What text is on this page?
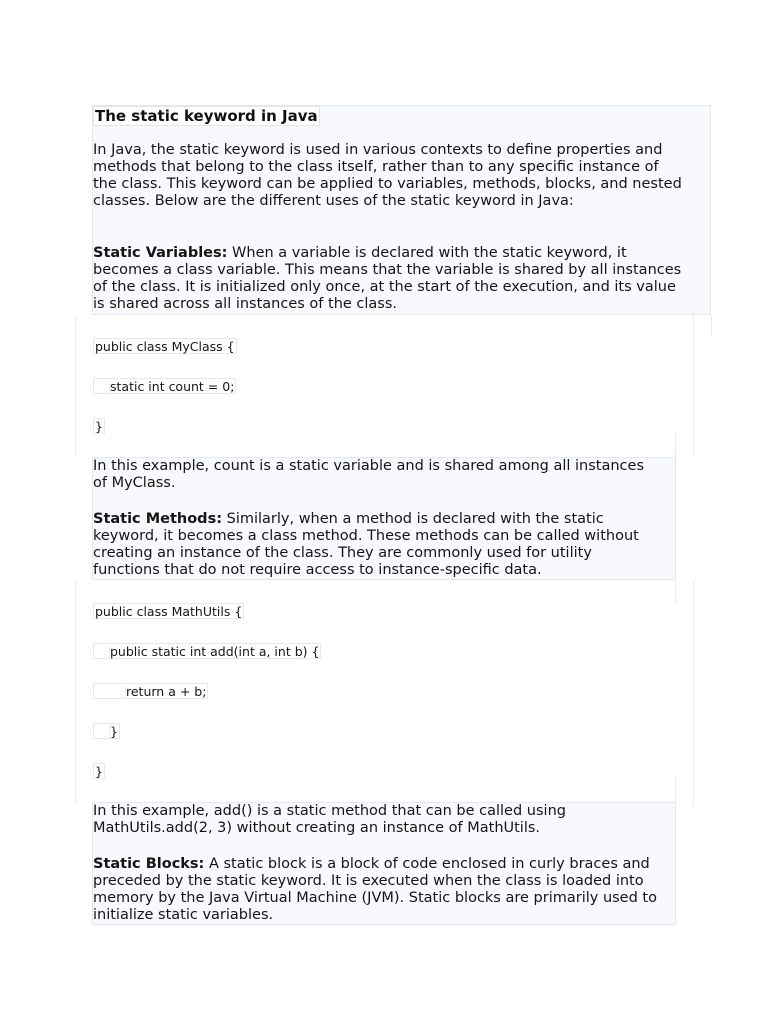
The static keyword in Java

In Java, the static keyword is used in various contexts to define properties and methods that belong to the class itself, rather than to any specific instance of the class. This keyword can be applied to variables, methods, blocks, and nested classes. Below are the different uses of the static keyword in Java:

Static Variables: When a variable is declared with the static keyword, it becomes a class variable. This means that the variable is shared by all instances of the class. It is initialized only once, at the start of the execution, and its value is shared across all instances of the class.

public class MyClass {
static int count = 0;
}

In this example, count is a static variable and is shared among all instances of MyClass.

Static Methods: Similarly, when a method is declared with the static keyword, it becomes a class method. These methods can be called without creating an instance of the class. They are commonly used for utility functions that do not require access to instance-specific data.

public class MathUtils {
public static int add(int a, int b) {
return a + b;
}
}

In this example, add() is a static method that can be called using MathUtils.add(2, 3) without creating an instance of MathUtils.

Static Blocks: A static block is a block of code enclosed in curly braces and preceded by the static keyword. It is executed when the class is loaded into memory by the Java Virtual Machine (JVM). Static blocks are primarily used to initialize static variables.
